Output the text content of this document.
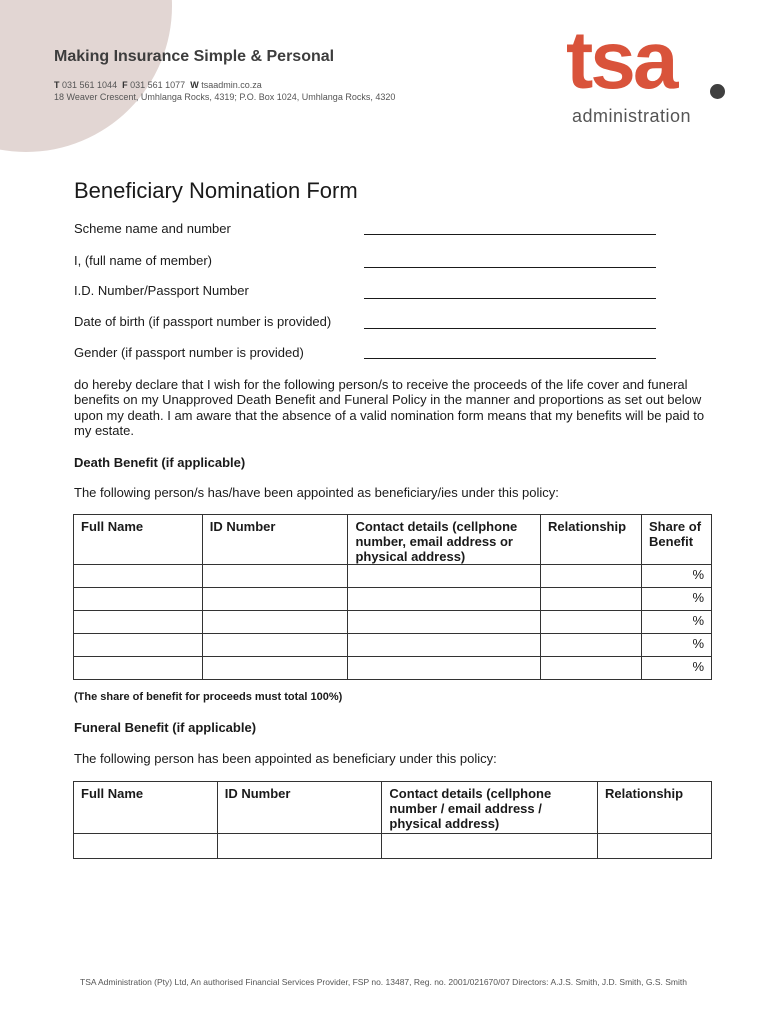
Making Insurance Simple & Personal
T 031 561 1044 F 031 561 1077 W tsaadmin.co.za
18 Weaver Crescent, Umhlanga Rocks, 4319; P.O. Box 1024, Umhlanga Rocks, 4320 tsa
administration
Beneficiary Nomination Form
Scheme name and number
I, (full name of member)
I.D. Number/Passport Number
Date of birth (if passport number is provided)
Gender (if passport number is provided)
do hereby declare that I wish for the following person/s to receive the proceeds of the life cover and funeral benefits on my Unapproved Death Benefit and Funeral Policy in the manner and proportions as set out below upon my death. I am aware that the absence of a valid nomination form means that my benefits will be paid to my estate.
Death Benefit (if applicable)
The following person/s has/have been appointed as beneficiary/ies under this policy:
Full Name	ID Number	Contact details (cellphone number, email address or physical address)	Relationship	Share of Benefit
				%
				%
				%
				%
				%
(The share of benefit for proceeds must total 100%)
Funeral Benefit (if applicable)
The following person has been appointed as beneficiary under this policy:
Full Name	ID Number	Contact details (cellphone number / email address / physical address)	Relationship

TSA Administration (Pty) Ltd, An authorised Financial Services Provider, FSP no. 13487, Reg. no. 2001/021670/07 Directors: A.J.S. Smith, J.D. Smith, G.S. Smith
